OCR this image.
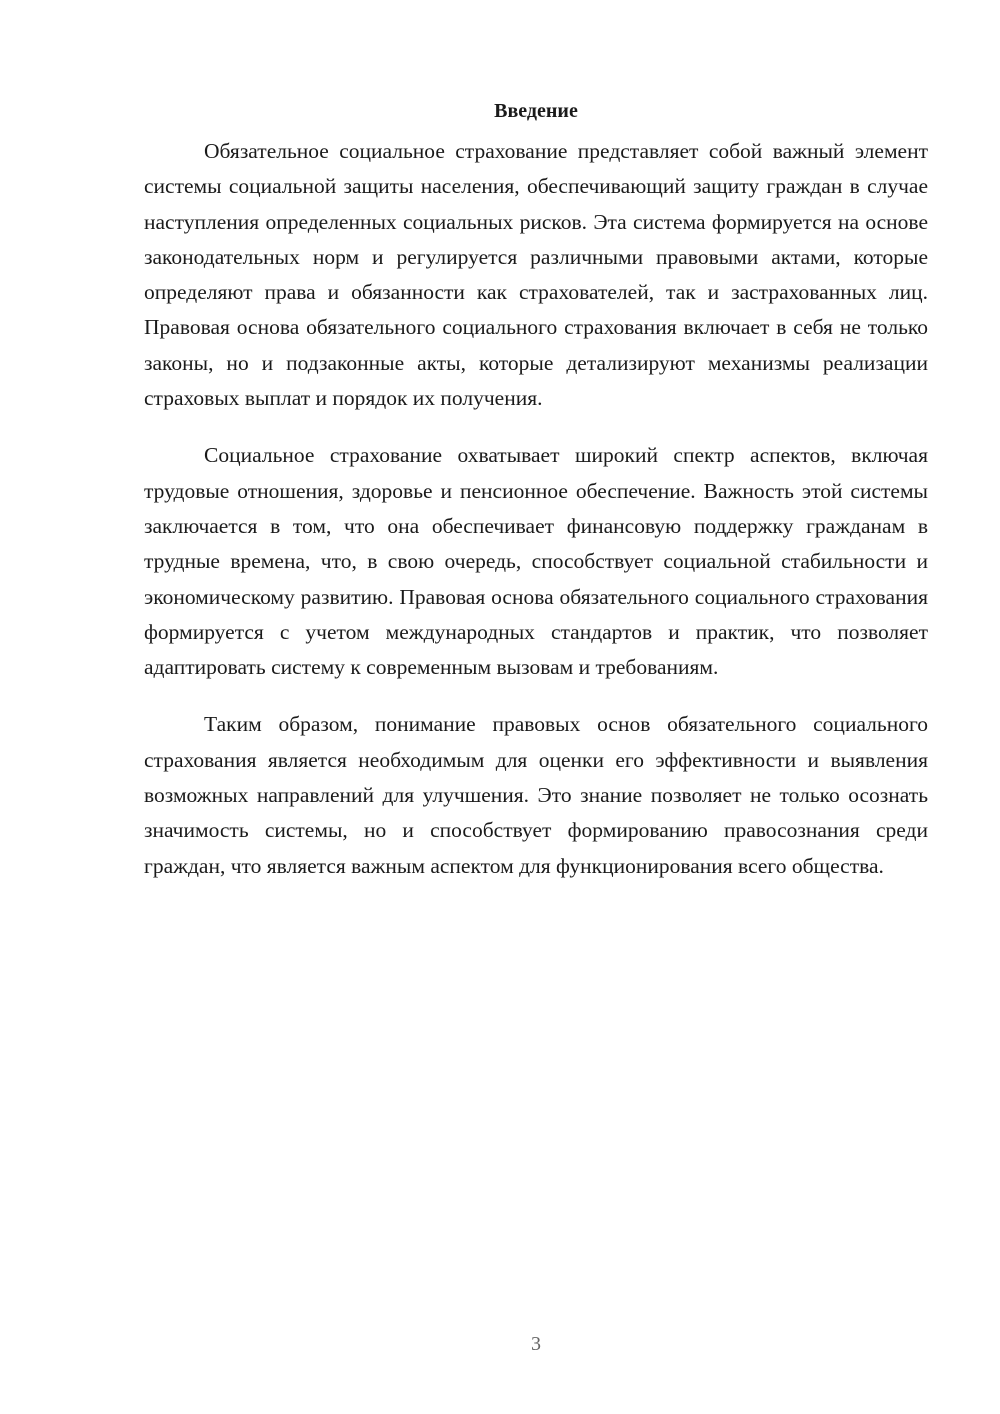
Введение

Обязательное социальное страхование представляет собой важный элемент системы социальной защиты населения, обеспечивающий защиту граждан в случае наступления определенных социальных рисков. Эта система формируется на основе законодательных норм и регулируется различными правовыми актами, которые определяют права и обязанности как страхователей, так и застрахованных лиц. Правовая основа обязательного социального страхования включает в себя не только законы, но и подзаконные акты, которые детализируют механизмы реализации страховых выплат и порядок их получения.

Социальное страхование охватывает широкий спектр аспектов, включая трудовые отношения, здоровье и пенсионное обеспечение. Важность этой системы заключается в том, что она обеспечивает финансовую поддержку гражданам в трудные времена, что, в свою очередь, способствует социальной стабильности и экономическому развитию. Правовая основа обязательного социального страхования формируется с учетом международных стандартов и практик, что позволяет адаптировать систему к современным вызовам и требованиям.

Таким образом, понимание правовых основ обязательного социального страхования является необходимым для оценки его эффективности и выявления возможных направлений для улучшения. Это знание позволяет не только осознать значимость системы, но и способствует формированию правосознания среди граждан, что является важным аспектом для функционирования всего общества.

3
